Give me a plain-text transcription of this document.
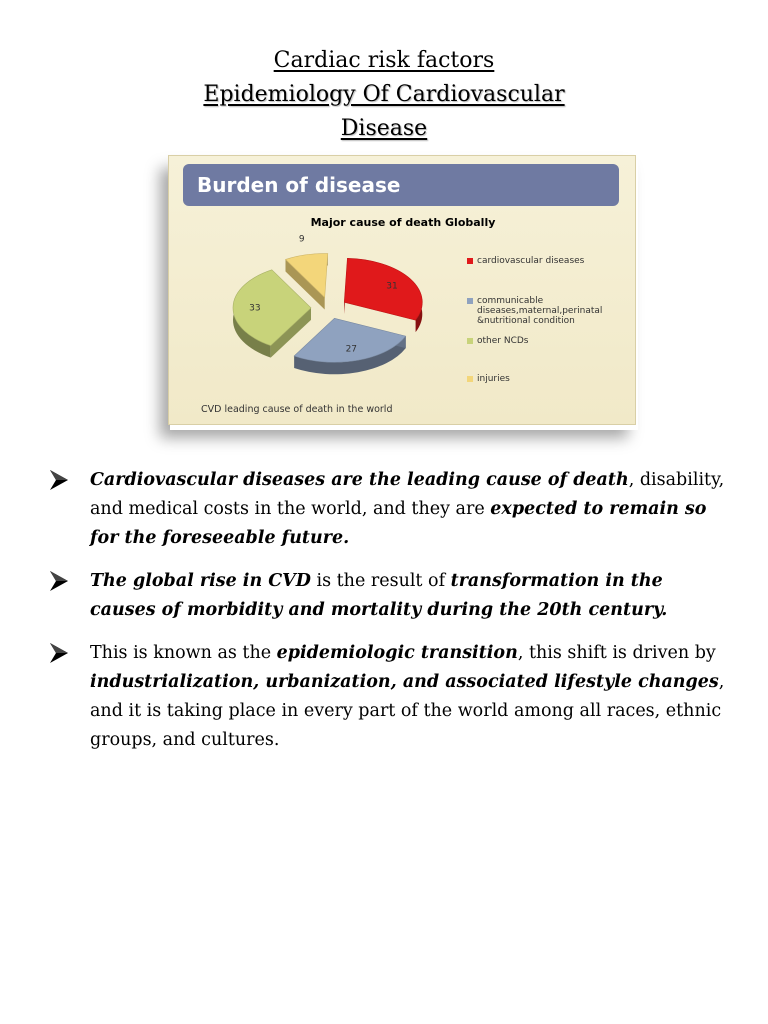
Cardiac risk factors
Epidemiology Of Cardiovascular
Disease
Burden of disease
Major cause of death Globally
31
27
33
9
cardiovascular diseases
communicable
diseases,maternal,perinatal
&nutritional condition
other NCDs
injuries
CVD leading cause of death in the world
Cardiovascular diseases are the leading cause of death, disability, and medical costs in the world, and they are expected to remain so for the foreseeable future.
The global rise in CVD is the result of transformation in the causes of morbidity and mortality during the 20th century.
This is known as the epidemiologic transition, this shift is driven by industrialization, urbanization, and associated lifestyle changes, and it is taking place in every part of the world among all races, ethnic groups, and cultures.
